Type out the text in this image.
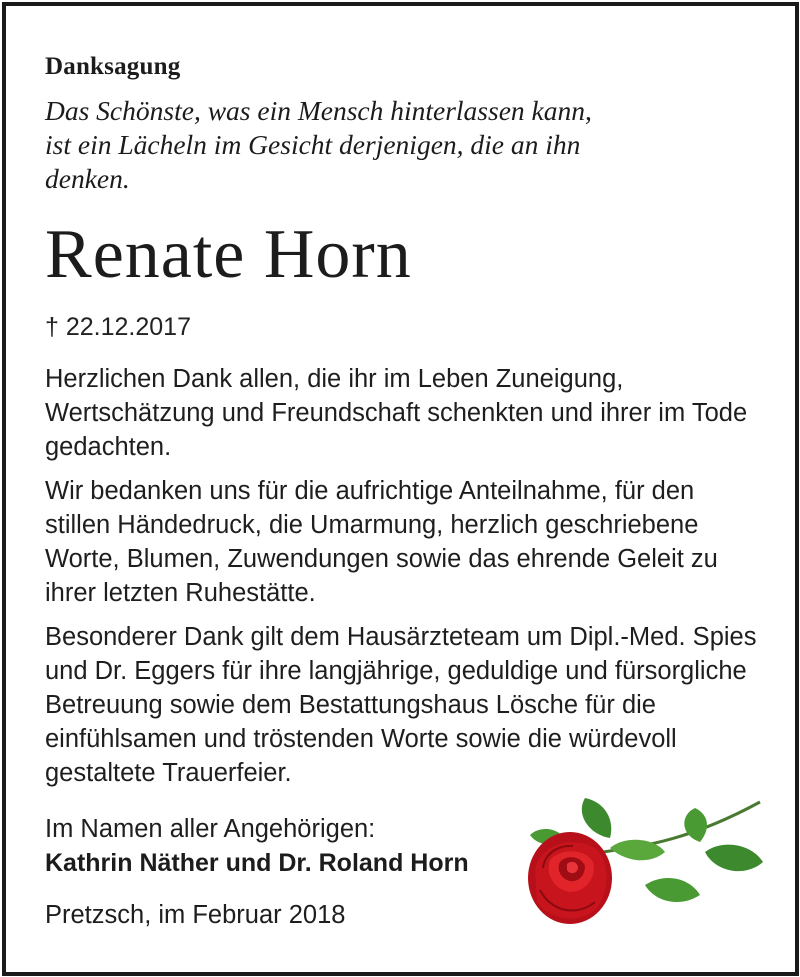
Danksagung

Das Schönste, was ein Mensch hinterlassen kann,
ist ein Lächeln im Gesicht derjenigen, die an ihn
denken.

Renate Horn

† 22.12.2017

Herzlichen Dank allen, die ihr im Leben Zuneigung, Wertschätzung und Freundschaft schenkten und ihrer im Tode gedachten.

Wir bedanken uns für die aufrichtige Anteilnahme, für den stillen Händedruck, die Umarmung, herzlich geschriebene Worte, Blumen, Zuwendungen sowie das ehrende Geleit zu ihrer letzten Ruhestätte.

Besonderer Dank gilt dem Hausärzteteam um Dipl.-Med. Spies und Dr. Eggers für ihre langjährige, geduldige und fürsorgliche Betreuung sowie dem Bestattungshaus Lösche für die einfühlsamen und tröstenden Worte sowie die würdevoll gestaltete Trauerfeier.

Im Namen aller Angehörigen:

Kathrin Näther und Dr. Roland Horn

Pretzsch, im Februar 2018
